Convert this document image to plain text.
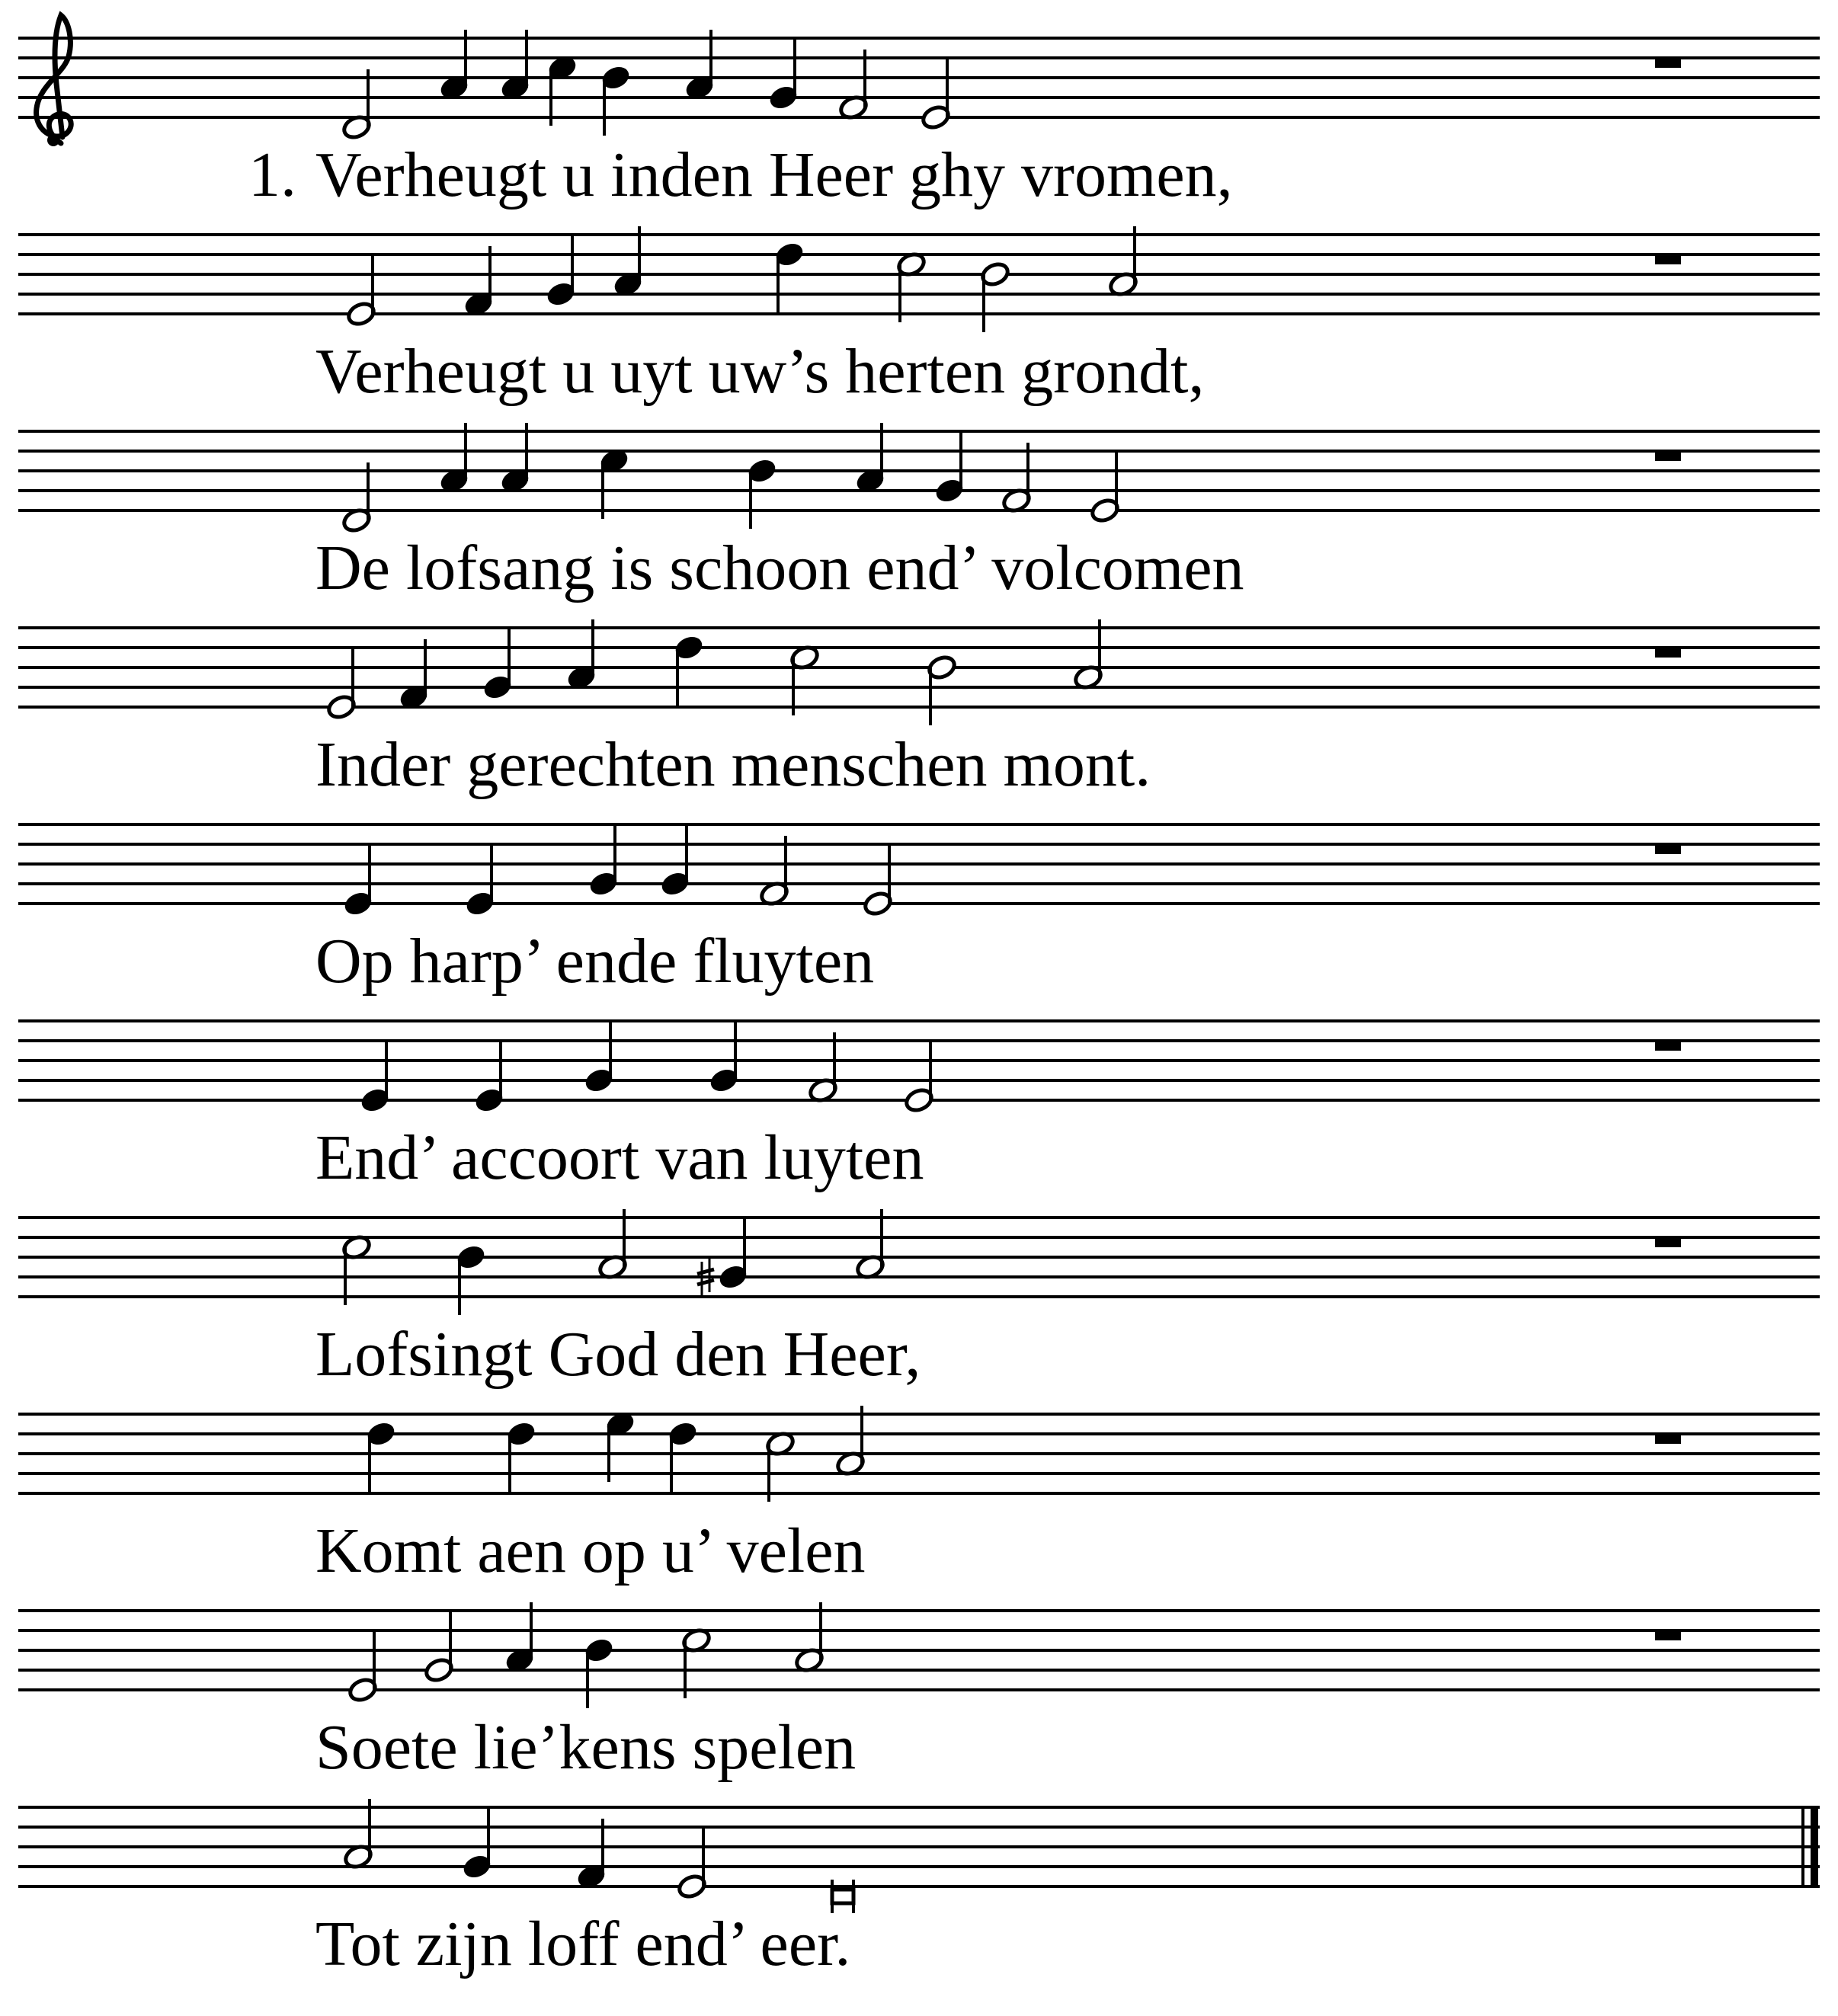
1. Verheugt u inden Heer ghy vromen,
Verheugt u uyt uw’s herten grondt,
De lofsang is schoon end’ volcomen
Inder gerechten menschen mont.
Op harp’ ende fluyten
End’ accoort van luyten
Lofsingt God den Heer,
Komt aen op u’ velen
Soete lie’kens spelen
Tot zijn loff end’ eer.
